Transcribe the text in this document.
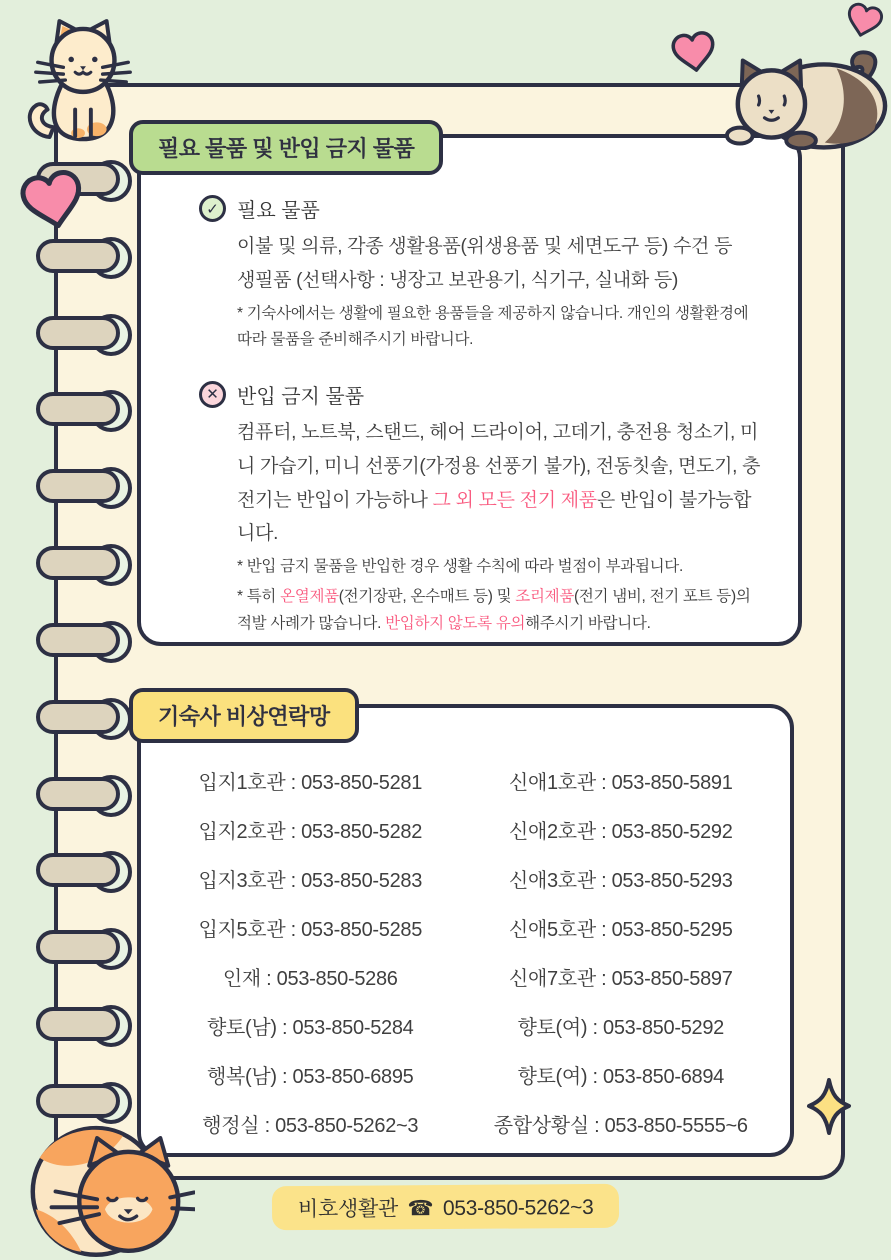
필요 물품 및 반입 금지 물품
✓ 필요 물품
이불 및 의류, 각종 생활용품(위생용품 및 세면도구 등) 수건 등
생필품 (선택사항 : 냉장고 보관용기, 식기구, 실내화 등)
* 기숙사에서는 생활에 필요한 용품들을 제공하지 않습니다. 개인의 생활환경에 따라 물품을 준비해주시기 바랍니다.
✕ 반입 금지 물품
컴퓨터, 노트북, 스탠드, 헤어 드라이어, 고데기, 충전용 청소기, 미니 가습기, 미니 선풍기(가정용 선풍기 불가), 전동칫솔, 면도기, 충전기는 반입이 가능하나 그 외 모든 전기 제품은 반입이 불가능합니다.
* 반입 금지 물품을 반입한 경우 생활 수칙에 따라 벌점이 부과됩니다.
* 특히 온열제품(전기장판, 온수매트 등) 및 조리제품(전기 냄비, 전기 포트 등)의 적발 사례가 많습니다. 반입하지 않도록 유의해주시기 바랍니다.
기숙사 비상연락망
입지1호관 : 053-850-5281	신애1호관 : 053-850-5891
입지2호관 : 053-850-5282	신애2호관 : 053-850-5292
입지3호관 : 053-850-5283	신애3호관 : 053-850-5293
입지5호관 : 053-850-5285	신애5호관 : 053-850-5295
인재 : 053-850-5286	신애7호관 : 053-850-5897
향토(남) : 053-850-5284	향토(여) : 053-850-5292
행복(남) : 053-850-6895	향토(여) : 053-850-6894
행정실 : 053-850-5262~3	종합상황실 : 053-850-5555~6
비호생활관 ☎ 053-850-5262~3
